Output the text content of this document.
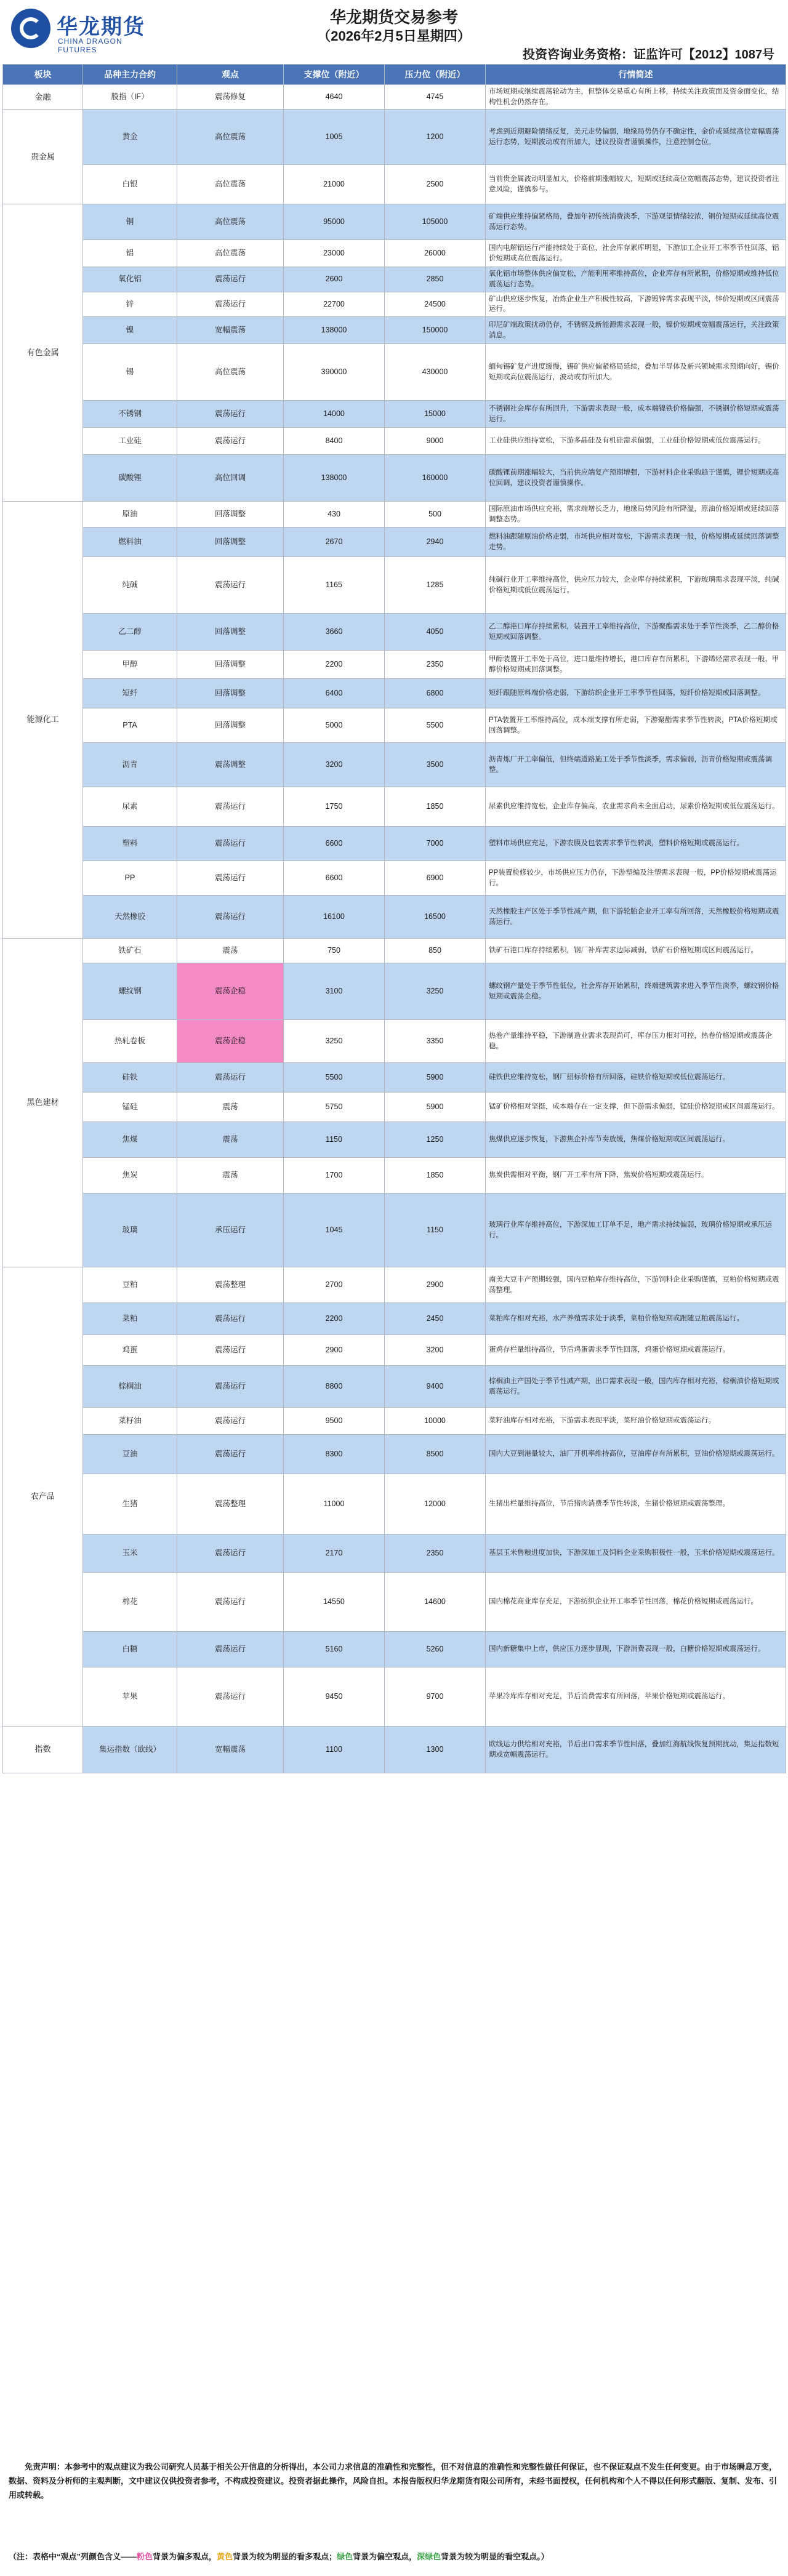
华龙期货
CHINA DRAGON FUTURES
华龙期货交易参考
（2026年2月5日星期四）
投资咨询业务资格：证监许可【2012】1087号
板块	品种主力合约	观点	支撑位（附近）	压力位（附近）	行情简述
金融	股指（IF）	震荡修复	4640	4745	市场短期或继续震荡轮动为主，但整体交易重心有所上移，持续关注政策面及资金面变化，结构性机会仍然存在。
贵金属	黄金	高位震荡	1005	1200	考虑到近期避险情绪反复，美元走势偏弱，地缘局势仍存不确定性，金价或延续高位宽幅震荡运行态势，短期波动或有所加大，建议投资者谨慎操作，注意控制仓位。
	白银	高位震荡	21000	2500	当前贵金属波动明显加大，价格前期涨幅较大，短期或延续高位宽幅震荡态势，建议投资者注意风险，谨慎参与。
有色金属	铜	高位震荡	95000	105000	矿端供应维持偏紧格局，叠加年初传统消费淡季，下游观望情绪较浓，铜价短期或延续高位震荡运行态势。
	铝	高位震荡	23000	26000	国内电解铝运行产能持续处于高位，社会库存累库明显，下游加工企业开工率季节性回落，铝价短期或高位震荡运行。
	氧化铝	震荡运行	2600	2850	氧化铝市场整体供应偏宽松，产能利用率维持高位，企业库存有所累积，价格短期或维持低位震荡运行态势。
	锌	震荡运行	22700	24500	矿山供应逐步恢复，冶炼企业生产积极性较高，下游镀锌需求表现平淡，锌价短期或区间震荡运行。
	镍	宽幅震荡	138000	150000	印尼矿端政策扰动仍存，不锈钢及新能源需求表现一般，镍价短期或宽幅震荡运行，关注政策消息。
	锡	高位震荡	390000	430000	缅甸锡矿复产进度缓慢，锡矿供应偏紧格局延续，叠加半导体及新兴领域需求预期向好，锡价短期或高位震荡运行，波动或有所加大。
	不锈钢	震荡运行	14000	15000	不锈钢社会库存有所回升，下游需求表现一般，成本端镍铁价格偏强，不锈钢价格短期或震荡运行。
	工业硅	震荡运行	8400	9000	工业硅供应维持宽松，下游多晶硅及有机硅需求偏弱，工业硅价格短期或低位震荡运行。
	碳酸锂	高位回调	138000	160000	碳酸锂前期涨幅较大，当前供应端复产预期增强，下游材料企业采购趋于谨慎，锂价短期或高位回调，建议投资者谨慎操作。
能源化工	原油	回落调整	430	500	国际原油市场供应充裕，需求端增长乏力，地缘局势风险有所降温，原油价格短期或延续回落调整态势。
	燃料油	回落调整	2670	2940	燃料油跟随原油价格走弱，市场供应相对宽松，下游需求表现一般，价格短期或延续回落调整走势。
	纯碱	震荡运行	1165	1285	纯碱行业开工率维持高位，供应压力较大，企业库存持续累积，下游玻璃需求表现平淡，纯碱价格短期或低位震荡运行。
	乙二醇	回落调整	3660	4050	乙二醇港口库存持续累积，装置开工率维持高位，下游聚酯需求处于季节性淡季，乙二醇价格短期或回落调整。
	甲醇	回落调整	2200	2350	甲醇装置开工率处于高位，进口量维持增长，港口库存有所累积，下游烯烃需求表现一般，甲醇价格短期或回落调整。
	短纤	回落调整	6400	6800	短纤跟随原料端价格走弱，下游纺织企业开工率季节性回落，短纤价格短期或回落调整。
	PTA	回落调整	5000	5500	PTA装置开工率维持高位，成本端支撑有所走弱，下游聚酯需求季节性转淡，PTA价格短期或回落调整。
	沥青	震荡调整	3200	3500	沥青炼厂开工率偏低，但终端道路施工处于季节性淡季，需求偏弱，沥青价格短期或震荡调整。
	尿素	震荡运行	1750	1850	尿素供应维持宽松，企业库存偏高，农业需求尚未全面启动，尿素价格短期或低位震荡运行。
	塑料	震荡运行	6600	7000	塑料市场供应充足，下游农膜及包装需求季节性转淡，塑料价格短期或震荡运行。
	PP	震荡运行	6600	6900	PP装置检修较少，市场供应压力仍存，下游塑编及注塑需求表现一般，PP价格短期或震荡运行。
	天然橡胶	震荡运行	16100	16500	天然橡胶主产区处于季节性减产期，但下游轮胎企业开工率有所回落，天然橡胶价格短期或震荡运行。
黑色建材	铁矿石	震荡	750	850	铁矿石港口库存持续累积，钢厂补库需求边际减弱，铁矿石价格短期或区间震荡运行。
	螺纹钢	震荡企稳	3100	3250	螺纹钢产量处于季节性低位，社会库存开始累积，终端建筑需求进入季节性淡季，螺纹钢价格短期或震荡企稳。
	热轧卷板	震荡企稳	3250	3350	热卷产量维持平稳，下游制造业需求表现尚可，库存压力相对可控，热卷价格短期或震荡企稳。
	硅铁	震荡运行	5500	5900	硅铁供应维持宽松，钢厂招标价格有所回落，硅铁价格短期或低位震荡运行。
	锰硅	震荡	5750	5900	锰矿价格相对坚挺，成本端存在一定支撑，但下游需求偏弱，锰硅价格短期或区间震荡运行。
	焦煤	震荡	1150	1250	焦煤供应逐步恢复，下游焦企补库节奏放缓，焦煤价格短期或区间震荡运行。
	焦炭	震荡	1700	1850	焦炭供需相对平衡，钢厂开工率有所下降，焦炭价格短期或震荡运行。
	玻璃	承压运行	1045	1150	玻璃行业库存维持高位，下游深加工订单不足，地产需求持续偏弱，玻璃价格短期或承压运行。
农产品	豆粕	震荡整理	2700	2900	南美大豆丰产预期较强，国内豆粕库存维持高位，下游饲料企业采购谨慎，豆粕价格短期或震荡整理。
	菜粕	震荡运行	2200	2450	菜粕库存相对充裕，水产养殖需求处于淡季，菜粕价格短期或跟随豆粕震荡运行。
	鸡蛋	震荡运行	2900	3200	蛋鸡存栏量维持高位，节后鸡蛋需求季节性回落，鸡蛋价格短期或震荡运行。
	棕榈油	震荡运行	8800	9400	棕榈油主产国处于季节性减产期，出口需求表现一般，国内库存相对充裕，棕榈油价格短期或震荡运行。
	菜籽油	震荡运行	9500	10000	菜籽油库存相对充裕，下游需求表现平淡，菜籽油价格短期或震荡运行。
	豆油	震荡运行	8300	8500	国内大豆到港量较大，油厂开机率维持高位，豆油库存有所累积，豆油价格短期或震荡运行。
	生猪	震荡整理	11000	12000	生猪出栏量维持高位，节后猪肉消费季节性转淡，生猪价格短期或震荡整理。
	玉米	震荡运行	2170	2350	基层玉米售粮进度加快，下游深加工及饲料企业采购积极性一般，玉米价格短期或震荡运行。
	棉花	震荡运行	14550	14600	国内棉花商业库存充足，下游纺织企业开工率季节性回落，棉花价格短期或震荡运行。
	白糖	震荡运行	5160	5260	国内新糖集中上市，供应压力逐步显现，下游消费表现一般，白糖价格短期或震荡运行。
	苹果	震荡运行	9450	9700	苹果冷库库存相对充足，节后消费需求有所回落，苹果价格短期或震荡运行。
指数	集运指数（欧线）	宽幅震荡	1100	1300	欧线运力供给相对充裕，节后出口需求季节性回落，叠加红海航线恢复预期扰动，集运指数短期或宽幅震荡运行。
免责声明：本参考中的观点建议为我公司研究人员基于相关公开信息的分析得出，本公司力求信息的准确性和完整性，但不对信息的准确性和完整性做任何保证，也不保证观点不发生任何变更。由于市场瞬息万变，数据、资料及分析师的主观判断，文中建议仅供投资者参考，不构成投资建议。投资者据此操作，风险自担。本报告版权归华龙期货有限公司所有，未经书面授权，任何机构和个人不得以任何形式翻版、复制、发布、引用或转载。
（注：表格中“观点”列颜色含义——粉色背景为偏多观点，黄色背景为较为明显的看多观点；绿色背景为偏空观点，深绿色背景为较为明显的看空观点。）
